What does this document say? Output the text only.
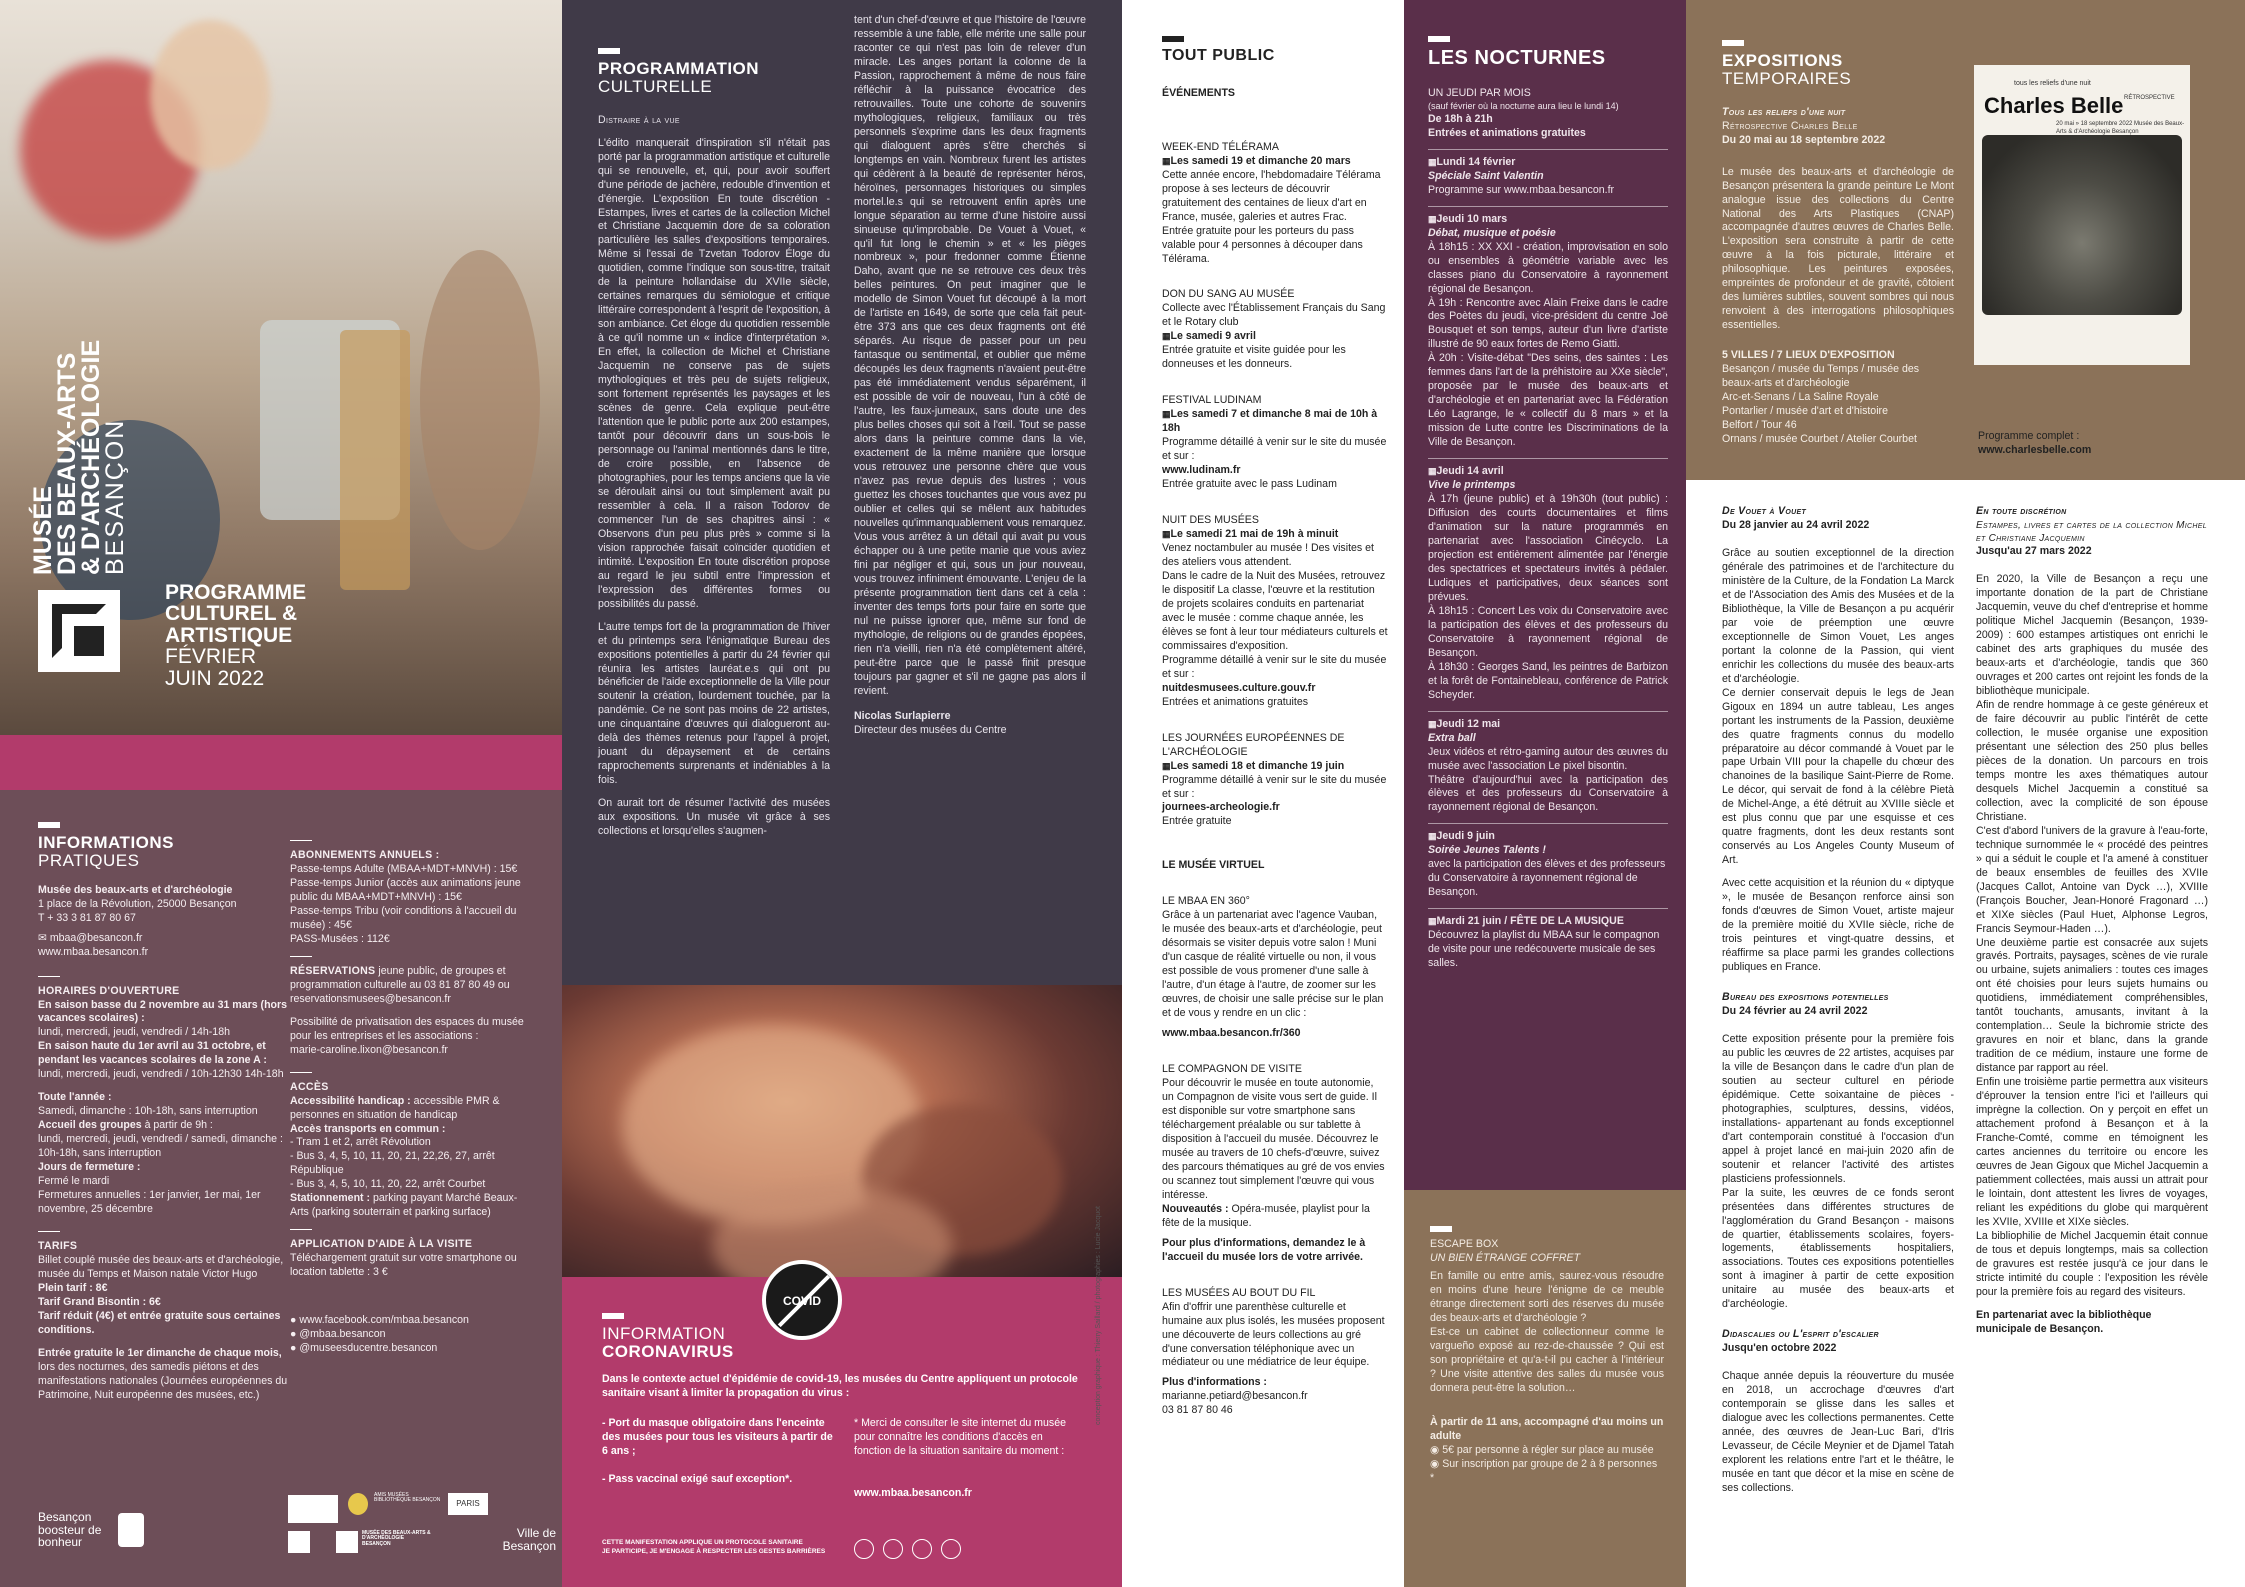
MUSÉE
DES BEAUX-ARTS
& D'ARCHÉOLOGIE
BESANÇON
PROGRAMME
CULTUREL &
ARTISTIQUE
FÉVRIER
JUIN 2022
INFORMATIONS
PRATIQUES
Musée des beaux-arts et d'archéologie
1 place de la Révolution, 25000 Besançon
T + 33 3 81 87 80 67
✉ mbaa@besancon.fr
www.mbaa.besancon.fr
HORAIRES D'OUVERTURE
En saison basse du 2 novembre au 31 mars (hors vacances scolaires) :
lundi, mercredi, jeudi, vendredi / 14h-18h
En saison haute du 1er avril au 31 octobre, et pendant les vacances scolaires de la zone A :
lundi, mercredi, jeudi, vendredi / 10h-12h30 14h-18h
Toute l'année :
Samedi, dimanche : 10h-18h, sans interruption
Accueil des groupes à partir de 9h :
lundi, mercredi, jeudi, vendredi / samedi, dimanche : 10h-18h, sans interruption
Jours de fermeture :
Fermé le mardi
Fermetures annuelles : 1er janvier, 1er mai, 1er novembre, 25 décembre
TARIFS
Billet couplé musée des beaux-arts et d'archéologie, musée du Temps et Maison natale Victor Hugo
Plein tarif : 8€
Tarif Grand Bisontin : 6€
Tarif réduit (4€) et entrée gratuite sous certaines conditions.
Entrée gratuite le 1er dimanche de chaque mois, lors des nocturnes, des samedis piétons et des manifestations nationales (Journées européennes du Patrimoine, Nuit européenne des musées, etc.)
ABONNEMENTS ANNUELS :
Passe-temps Adulte (MBAA+MDT+MNVH) : 15€
Passe-temps Junior (accès aux animations jeune public du MBAA+MDT+MNVH) : 15€
Passe-temps Tribu (voir conditions à l'accueil du musée) : 45€
PASS-Musées : 112€
RÉSERVATIONS jeune public, de groupes et programmation culturelle au 03 81 87 80 49 ou reservationsmusees@besancon.fr
Possibilité de privatisation des espaces du musée pour les entreprises et les associations :
marie-caroline.lixon@besancon.fr
ACCÈS
Accessibilité handicap : accessible PMR & personnes en situation de handicap
Accès transports en commun :
- Tram 1 et 2, arrêt Révolution
- Bus 3, 4, 5, 10, 11, 20, 21, 22,26, 27, arrêt République
- Bus 3, 4, 5, 10, 11, 20, 22, arrêt Courbet
Stationnement : parking payant Marché Beaux-Arts (parking souterrain et parking surface)
APPLICATION D'AIDE À LA VISITE
Téléchargement gratuit sur votre smartphone ou location tablette : 3 €
● www.facebook.com/mbaa.besancon
● @mbaa.besancon
● @museesducentre.besancon
Besançon
boosteur de
bonheur
AMIS MUSÉES BIBLIOTHÈQUE BESANÇON	PARIS
MUSÉE DES BEAUX-ARTS & D'ARCHÉOLOGIE BESANÇON
Ville de
Besançon
PROGRAMMATION
CULTURELLE
Distraire à la vue
L'édito manquerait d'inspiration s'il n'était pas porté par la programmation artistique et culturelle qui se renouvelle, et, qui, pour avoir souffert d'une période de jachère, redouble d'invention et d'énergie. L'exposition En toute discrétion - Estampes, livres et cartes de la collection Michel et Christiane Jacquemin dore de sa coloration particulière les salles d'expositions temporaires. Même si l'essai de Tzvetan Todorov Éloge du quotidien, comme l'indique son sous-titre, traitait de la peinture hollandaise du XVIIe siècle, certaines remarques du sémiologue et critique littéraire correspondent à l'esprit de l'exposition, à son ambiance. Cet éloge du quotidien ressemble à ce qu'il nomme un « indice d'interprétation ». En effet, la collection de Michel et Christiane Jacquemin ne conserve pas de sujets mythologiques et très peu de sujets religieux, sont fortement représentés les paysages et les scènes de genre. Cela explique peut-être l'attention que le public porte aux 200 estampes, tantôt pour découvrir dans un sous-bois le personnage ou l'animal mentionnés dans le titre, de croire possible, en l'absence de photographies, pour les temps anciens que la vie se déroulait ainsi ou tout simplement avait pu ressembler à cela. Il a raison Todorov de commencer l'un de ses chapitres ainsi : « Observons d'un peu plus près » comme si la vision rapprochée faisait coïncider quotidien et intimité. L'exposition En toute discrétion propose au regard le jeu subtil entre l'impression et l'expression des différentes formes ou possibilités du passé.
L'autre temps fort de la programmation de l'hiver et du printemps sera l'énigmatique Bureau des expositions potentielles à partir du 24 février qui réunira les artistes lauréat.e.s qui ont pu bénéficier de l'aide exceptionnelle de la Ville pour soutenir la création, lourdement touchée, par la pandémie. Ce ne sont pas moins de 22 artistes, une cinquantaine d'œuvres qui dialogueront au-delà des thèmes retenus pour l'appel à projet, jouant du dépaysement et de certains rapprochements surprenants et indéniables à la fois.
On aurait tort de résumer l'activité des musées aux expositions. Un musée vit grâce à ses collections et lorsqu'elles s'augmen-
tent d'un chef-d'œuvre et que l'histoire de l'œuvre ressemble à une fable, elle mérite une salle pour raconter ce qui n'est pas loin de relever d'un miracle. Les anges portant la colonne de la Passion, rapprochement à même de nous faire réfléchir à la puissance évocatrice des retrouvailles. Toute une cohorte de souvenirs mythologiques, religieux, familiaux ou très personnels s'exprime dans les deux fragments qui dialoguent après s'être cherchés si longtemps en vain. Nombreux furent les artistes qui cédèrent à la beauté de représenter héros, héroïnes, personnages historiques ou simples mortel.le.s qui se retrouvent enfin après une longue séparation au terme d'une histoire aussi sinueuse qu'improbable. De Vouet à Vouet, « qu'il fut long le chemin » et « les pièges nombreux », pour fredonner comme Étienne Daho, avant que ne se retrouve ces deux très belles peintures. On peut imaginer que le modello de Simon Vouet fut découpé à la mort de l'artiste en 1649, de sorte que cela fait peut-être 373 ans que ces deux fragments ont été séparés. Au risque de passer pour un peu fantasque ou sentimental, et oublier que même découpés les deux fragments n'avaient peut-être pas été immédiatement vendus séparément, il est possible de voir de nouveau, l'un à côté de l'autre, les faux-jumeaux, sans doute une des plus belles choses qui soit à l'œil. Tout se passe alors dans la peinture comme dans la vie, exactement de la même manière que lorsque vous retrouvez une personne chère que vous n'avez pas revue depuis des lustres ; vous guettez les choses touchantes que vous avez pu oublier et celles qui se mêlent aux habitudes nouvelles qu'immanquablement vous remarquez. Vous vous arrêtez à un détail qui avait pu vous échapper ou à une petite manie que vous aviez fini par négliger et qui, sous un jour nouveau, vous trouvez infiniment émouvante. L'enjeu de la présente programmation tient dans cet à cela : inventer des temps forts pour faire en sorte que nul ne puisse ignorer que, même sur fond de mythologie, de religions ou de grandes épopées, rien n'a vieilli, rien n'a été complètement altéré, peut-être parce que le passé finit presque toujours par gagner et s'il ne gagne pas alors il revient.
Nicolas Surlapierre
Directeur des musées du Centre
INFORMATION
CORONAVIRUS
Dans le contexte actuel d'épidémie de covid-19, les musées du Centre appliquent un protocole sanitaire visant à limiter la propagation du virus :
- Port du masque obligatoire dans l'enceinte des musées pour tous les visiteurs à partir de 6 ans ;
- Pass vaccinal exigé sauf exception*.
* Merci de consulter le site internet du musée pour connaître les conditions d'accès en fonction de la situation sanitaire du moment :
www.mbaa.besancon.fr
CETTE MANIFESTATION APPLIQUE UN PROTOCOLE SANITAIRE
JE PARTICIPE, JE M'ENGAGE À RESPECTER LES GESTES BARRIÈRES

COVID	conception graphique : Thierry Saillard / photographies : Lucie Jacquot
TOUT PUBLIC
ÉVÉNEMENTS
WEEK-END TÉLÉRAMA
▦ Les samedi 19 et dimanche 20 mars
Cette année encore, l'hebdomadaire Télérama propose à ses lecteurs de découvrir gratuitement des centaines de lieux d'art en France, musée, galeries et autres Frac.
Entrée gratuite pour les porteurs du pass valable pour 4 personnes à découper dans Télérama.
DON DU SANG AU MUSÉE
Collecte avec l'Établissement Français du Sang et le Rotary club
▦ Le samedi 9 avril
Entrée gratuite et visite guidée pour les donneuses et les donneurs.
FESTIVAL LUDINAM
▦ Les samedi 7 et dimanche 8 mai de 10h à 18h
Programme détaillé à venir sur le site du musée et sur :
www.ludinam.fr
Entrée gratuite avec le pass Ludinam
NUIT DES MUSÉES
▦ Le samedi 21 mai de 19h à minuit
Venez noctambuler au musée ! Des visites et des ateliers vous attendent.
Dans le cadre de la Nuit des Musées, retrouvez le dispositif La classe, l'œuvre et la restitution de projets scolaires conduits en partenariat avec le musée : comme chaque année, les élèves se font à leur tour médiateurs culturels et commissaires d'exposition.
Programme détaillé à venir sur le site du musée et sur :
nuitdesmusees.culture.gouv.fr
Entrées et animations gratuites
LES JOURNÉES EUROPÉENNES DE L'ARCHÉOLOGIE
▦ Les samedi 18 et dimanche 19 juin
Programme détaillé à venir sur le site du musée et sur :
journees-archeologie.fr
Entrée gratuite
LE MUSÉE VIRTUEL
LE MBAA EN 360°
Grâce à un partenariat avec l'agence Vauban, le musée des beaux-arts et d'archéologie, peut désormais se visiter depuis votre salon ! Muni d'un casque de réalité virtuelle ou non, il vous est possible de vous promener d'une salle à l'autre, d'un étage à l'autre, de zoomer sur les œuvres, de choisir une salle précise sur le plan et de vous y rendre en un clic :
www.mbaa.besancon.fr/360
LE COMPAGNON DE VISITE
Pour découvrir le musée en toute autonomie, un Compagnon de visite vous sert de guide. Il est disponible sur votre smartphone sans téléchargement préalable ou sur tablette à disposition à l'accueil du musée. Découvrez le musée au travers de 10 chefs-d'œuvre, suivez des parcours thématiques au gré de vos envies ou scannez tout simplement l'œuvre qui vous intéresse.
Nouveautés : Opéra-musée, playlist pour la fête de la musique.
Pour plus d'informations, demandez le à l'accueil du musée lors de votre arrivée.
LES MUSÉES AU BOUT DU FIL
Afin d'offrir une parenthèse culturelle et humaine aux plus isolés, les musées proposent une découverte de leurs collections au gré d'une conversation téléphonique avec un médiateur ou une médiatrice de leur équipe.
Plus d'informations :
marianne.petiard@besancon.fr
03 81 87 80 46
LES NOCTURNES
UN JEUDI PAR MOIS
(sauf février où la nocturne aura lieu le lundi 14)
De 18h à 21h
Entrées et animations gratuites
▦ Lundi 14 février
Spéciale Saint Valentin
Programme sur www.mbaa.besancon.fr
▦ Jeudi 10 mars
Débat, musique et poésie
À 18h15 : XX XXI - création, improvisation en solo ou ensembles à géométrie variable avec les classes piano du Conservatoire à rayonnement régional de Besançon.
À 19h : Rencontre avec Alain Freixe dans le cadre des Poètes du jeudi, vice-président du centre Joë Bousquet et son temps, auteur d'un livre d'artiste illustré de 90 eaux fortes de Remo Giatti.
À 20h : Visite-débat "Des seins, des saintes : Les femmes dans l'art de la préhistoire au XXe siècle", proposée par le musée des beaux-arts et d'archéologie et en partenariat avec la Fédération Léo Lagrange, le « collectif du 8 mars » et la mission de Lutte contre les Discriminations de la Ville de Besançon.
▦ Jeudi 14 avril
Vive le printemps
À 17h (jeune public) et à 19h30h (tout public) : Diffusion des courts documentaires et films d'animation sur la nature programmés en partenariat avec l'association Cinécyclo. La projection est entièrement alimentée par l'énergie des spectatrices et spectateurs invités à pédaler. Ludiques et participatives, deux séances sont prévues.
À 18h15 : Concert Les voix du Conservatoire avec la participation des élèves et des professeurs du Conservatoire à rayonnement régional de Besançon.
À 18h30 : Georges Sand, les peintres de Barbizon et la forêt de Fontainebleau, conférence de Patrick Scheyder.
▦ Jeudi 12 mai
Extra ball
Jeux vidéos et rétro-gaming autour des œuvres du musée avec l'association Le pixel bisontin.
Théâtre d'aujourd'hui avec la participation des élèves et des professeurs du Conservatoire à rayonnement régional de Besançon.
▦ Jeudi 9 juin
Soirée Jeunes Talents !
avec la participation des élèves et des professeurs du Conservatoire à rayonnement régional de Besançon.
▦ Mardi 21 juin / FÊTE DE LA MUSIQUE
Découvrez la playlist du MBAA sur le compagnon de visite pour une redécouverte musicale de ses salles.
ESCAPE BOX
UN BIEN ÉTRANGE COFFRET
En famille ou entre amis, saurez-vous résoudre en moins d'une heure l'énigme de ce meuble étrange directement sorti des réserves du musée des beaux-arts et d'archéologie ?
Est-ce un cabinet de collectionneur comme le vargueño exposé au rez-de-chaussée ? Qui est son propriétaire et qu'a-t-il pu cacher à l'intérieur ? Une visite attentive des salles du musée vous donnera peut-être la solution…
À partir de 11 ans, accompagné d'au moins un adulte
◉ 5€ par personne à régler sur place au musée
◉ Sur inscription par groupe de 2 à 8 personnes *
EXPOSITIONS
TEMPORAIRES
Tous les reliefs d'une nuit
Rétrospective Charles Belle
Du 20 mai au 18 septembre 2022
Le musée des beaux-arts et d'archéologie de Besançon présentera la grande peinture Le Mont analogue issue des collections du Centre National des Arts Plastiques (CNAP) accompagnée d'autres œuvres de Charles Belle. L'exposition sera construite à partir de cette œuvre à la fois picturale, littéraire et philosophique. Les peintures exposées, empreintes de profondeur et de gravité, côtoient des lumières subtiles, souvent sombres qui nous renvoient à des interrogations philosophiques essentielles.
5 VILLES / 7 LIEUX D'EXPOSITION
Besançon / musée du Temps / musée des beaux-arts et d'archéologie
Arc-et-Senans / La Saline Royale
Pontarlier / musée d'art et d'histoire
Belfort / Tour 46
Ornans / musée Courbet / Atelier Courbet
tous les reliefs d'une nuit
Charles Belle RÉTROSPECTIVE
20 mai » 18 septembre 2022 Musée des Beaux-Arts & d'Archéologie Besançon
Programme complet :
www.charlesbelle.com
De Vouet à Vouet
Du 28 janvier au 24 avril 2022
Grâce au soutien exceptionnel de la direction générale des patrimoines et de l'architecture du ministère de la Culture, de la Fondation La Marck et de l'Association des Amis des Musées et de la Bibliothèque, la Ville de Besançon a pu acquérir par voie de préemption une œuvre exceptionnelle de Simon Vouet, Les anges portant la colonne de la Passion, qui vient enrichir les collections du musée des beaux-arts et d'archéologie.
Ce dernier conservait depuis le legs de Jean Gigoux en 1894 un autre tableau, Les anges portant les instruments de la Passion, deuxième des quatre fragments connus du modello préparatoire au décor commandé à Vouet par le pape Urbain VIII pour la chapelle du chœur des chanoines de la basilique Saint-Pierre de Rome. Le décor, qui servait de fond à la célèbre Pietà de Michel-Ange, a été détruit au XVIIIe siècle et est plus connu que par une esquisse et ces quatre fragments, dont les deux restants sont conservés au Los Angeles County Museum of Art.
Avec cette acquisition et la réunion du « diptyque », le musée de Besançon renforce ainsi son fonds d'œuvres de Simon Vouet, artiste majeur de la première moitié du XVIIe siècle, riche de trois peintures et vingt-quatre dessins, et réaffirme sa place parmi les grandes collections publiques en France.
Bureau des expositions potentielles
Du 24 février au 24 avril 2022
Cette exposition présente pour la première fois au public les œuvres de 22 artistes, acquises par la ville de Besançon dans le cadre d'un plan de soutien au secteur culturel en période épidémique. Cette soixantaine de pièces -photographies, sculptures, dessins, vidéos, installations- appartenant au fonds exceptionnel d'art contemporain constitué à l'occasion d'un appel à projet lancé en mai-juin 2020 afin de soutenir et relancer l'activité des artistes plasticiens professionnels.
Par la suite, les œuvres de ce fonds seront présentées dans différentes structures de l'agglomération du Grand Besançon - maisons de quartier, établissements scolaires, foyers-logements, établissements hospitaliers, associations. Toutes ces expositions potentielles sont à imaginer à partir de cette exposition unitaire au musée des beaux-arts et d'archéologie.
Didascalies ou L'esprit d'escalier
Jusqu'en octobre 2022
Chaque année depuis la réouverture du musée en 2018, un accrochage d'œuvres d'art contemporain se glisse dans les salles et dialogue avec les collections permanentes. Cette année, des œuvres de Jean-Luc Bari, d'Iris Levasseur, de Cécile Meynier et de Djamel Tatah explorent les relations entre l'art et le théâtre, le musée en tant que décor et la mise en scène de ses collections.
En toute discrétion
Estampes, livres et cartes de la collection Michel et Christiane Jacquemin
Jusqu'au 27 mars 2022
En 2020, la Ville de Besançon a reçu une importante donation de la part de Christiane Jacquemin, veuve du chef d'entreprise et homme politique Michel Jacquemin (Besançon, 1939-2009) : 600 estampes artistiques ont enrichi le cabinet des arts graphiques du musée des beaux-arts et d'archéologie, tandis que 360 ouvrages et 200 cartes ont rejoint les fonds de la bibliothèque municipale.
Afin de rendre hommage à ce geste généreux et de faire découvrir au public l'intérêt de cette collection, le musée organise une exposition présentant une sélection des 250 plus belles pièces de la donation. Un parcours en trois temps montre les axes thématiques autour desquels Michel Jacquemin a constitué sa collection, avec la complicité de son épouse Christiane.
C'est d'abord l'univers de la gravure à l'eau-forte, technique surnommée le « procédé des peintres » qui a séduit le couple et l'a amené à constituer de beaux ensembles de feuilles des XVIIe (Jacques Callot, Antoine van Dyck …), XVIIIe (François Boucher, Jean-Honoré Fragonard …) et XIXe siècles (Paul Huet, Alphonse Legros, Francis Seymour-Haden …).
Une deuxième partie est consacrée aux sujets gravés. Portraits, paysages, scènes de vie rurale ou urbaine, sujets animaliers : toutes ces images ont été choisies pour leurs sujets humains ou quotidiens, immédiatement compréhensibles, tantôt touchants, amusants, invitant à la contemplation… Seule la bichromie stricte des gravures en noir et blanc, dans la grande tradition de ce médium, instaure une forme de distance par rapport au réel.
Enfin une troisième partie permettra aux visiteurs d'éprouver la tension entre l'ici et l'ailleurs qui imprègne la collection. On y perçoit en effet un attachement profond à Besançon et à la Franche-Comté, comme en témoignent les cartes anciennes du territoire ou encore les œuvres de Jean Gigoux que Michel Jacquemin a patiemment collectées, mais aussi un attrait pour le lointain, dont attestent les livres de voyages, reliant les expéditions du globe qui marquèrent les XVIIe, XVIIIe et XIXe siècles.
La bibliophilie de Michel Jacquemin était connue de tous et depuis longtemps, mais sa collection de gravures est restée jusqu'à ce jour dans le stricte intimité du couple : l'exposition les révèle pour la première fois au regard des visiteurs.
En partenariat avec la bibliothèque municipale de Besançon.
